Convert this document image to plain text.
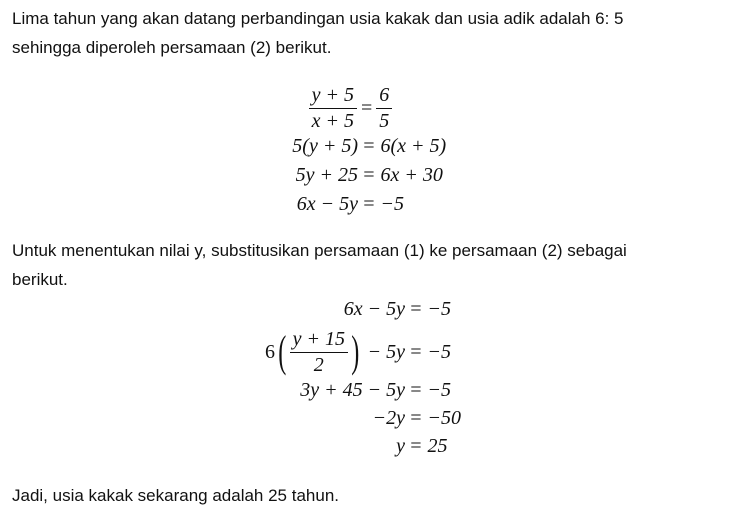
Lima tahun yang akan datang perbandingan usia kakak dan usia adik adalah 6: 5
sehingga diperoleh persamaan (2) berikut.

$\frac{y + 5}{x + 5} = \frac{6}{5}$
5(y + 5) = 6(x + 5)
5y + 25 = 6x + 30
6x − 5y = −5

Untuk menentukan nilai y, substitusikan persamaan (1) ke persamaan (2) sebagai
berikut.

6x − 5y = −5
6 ( $\frac{y + 15}{2}$ ) − 5y = −5
3y + 45 − 5y = −5
−2y = −50
y = 25

Jadi, usia kakak sekarang adalah 25 tahun.
